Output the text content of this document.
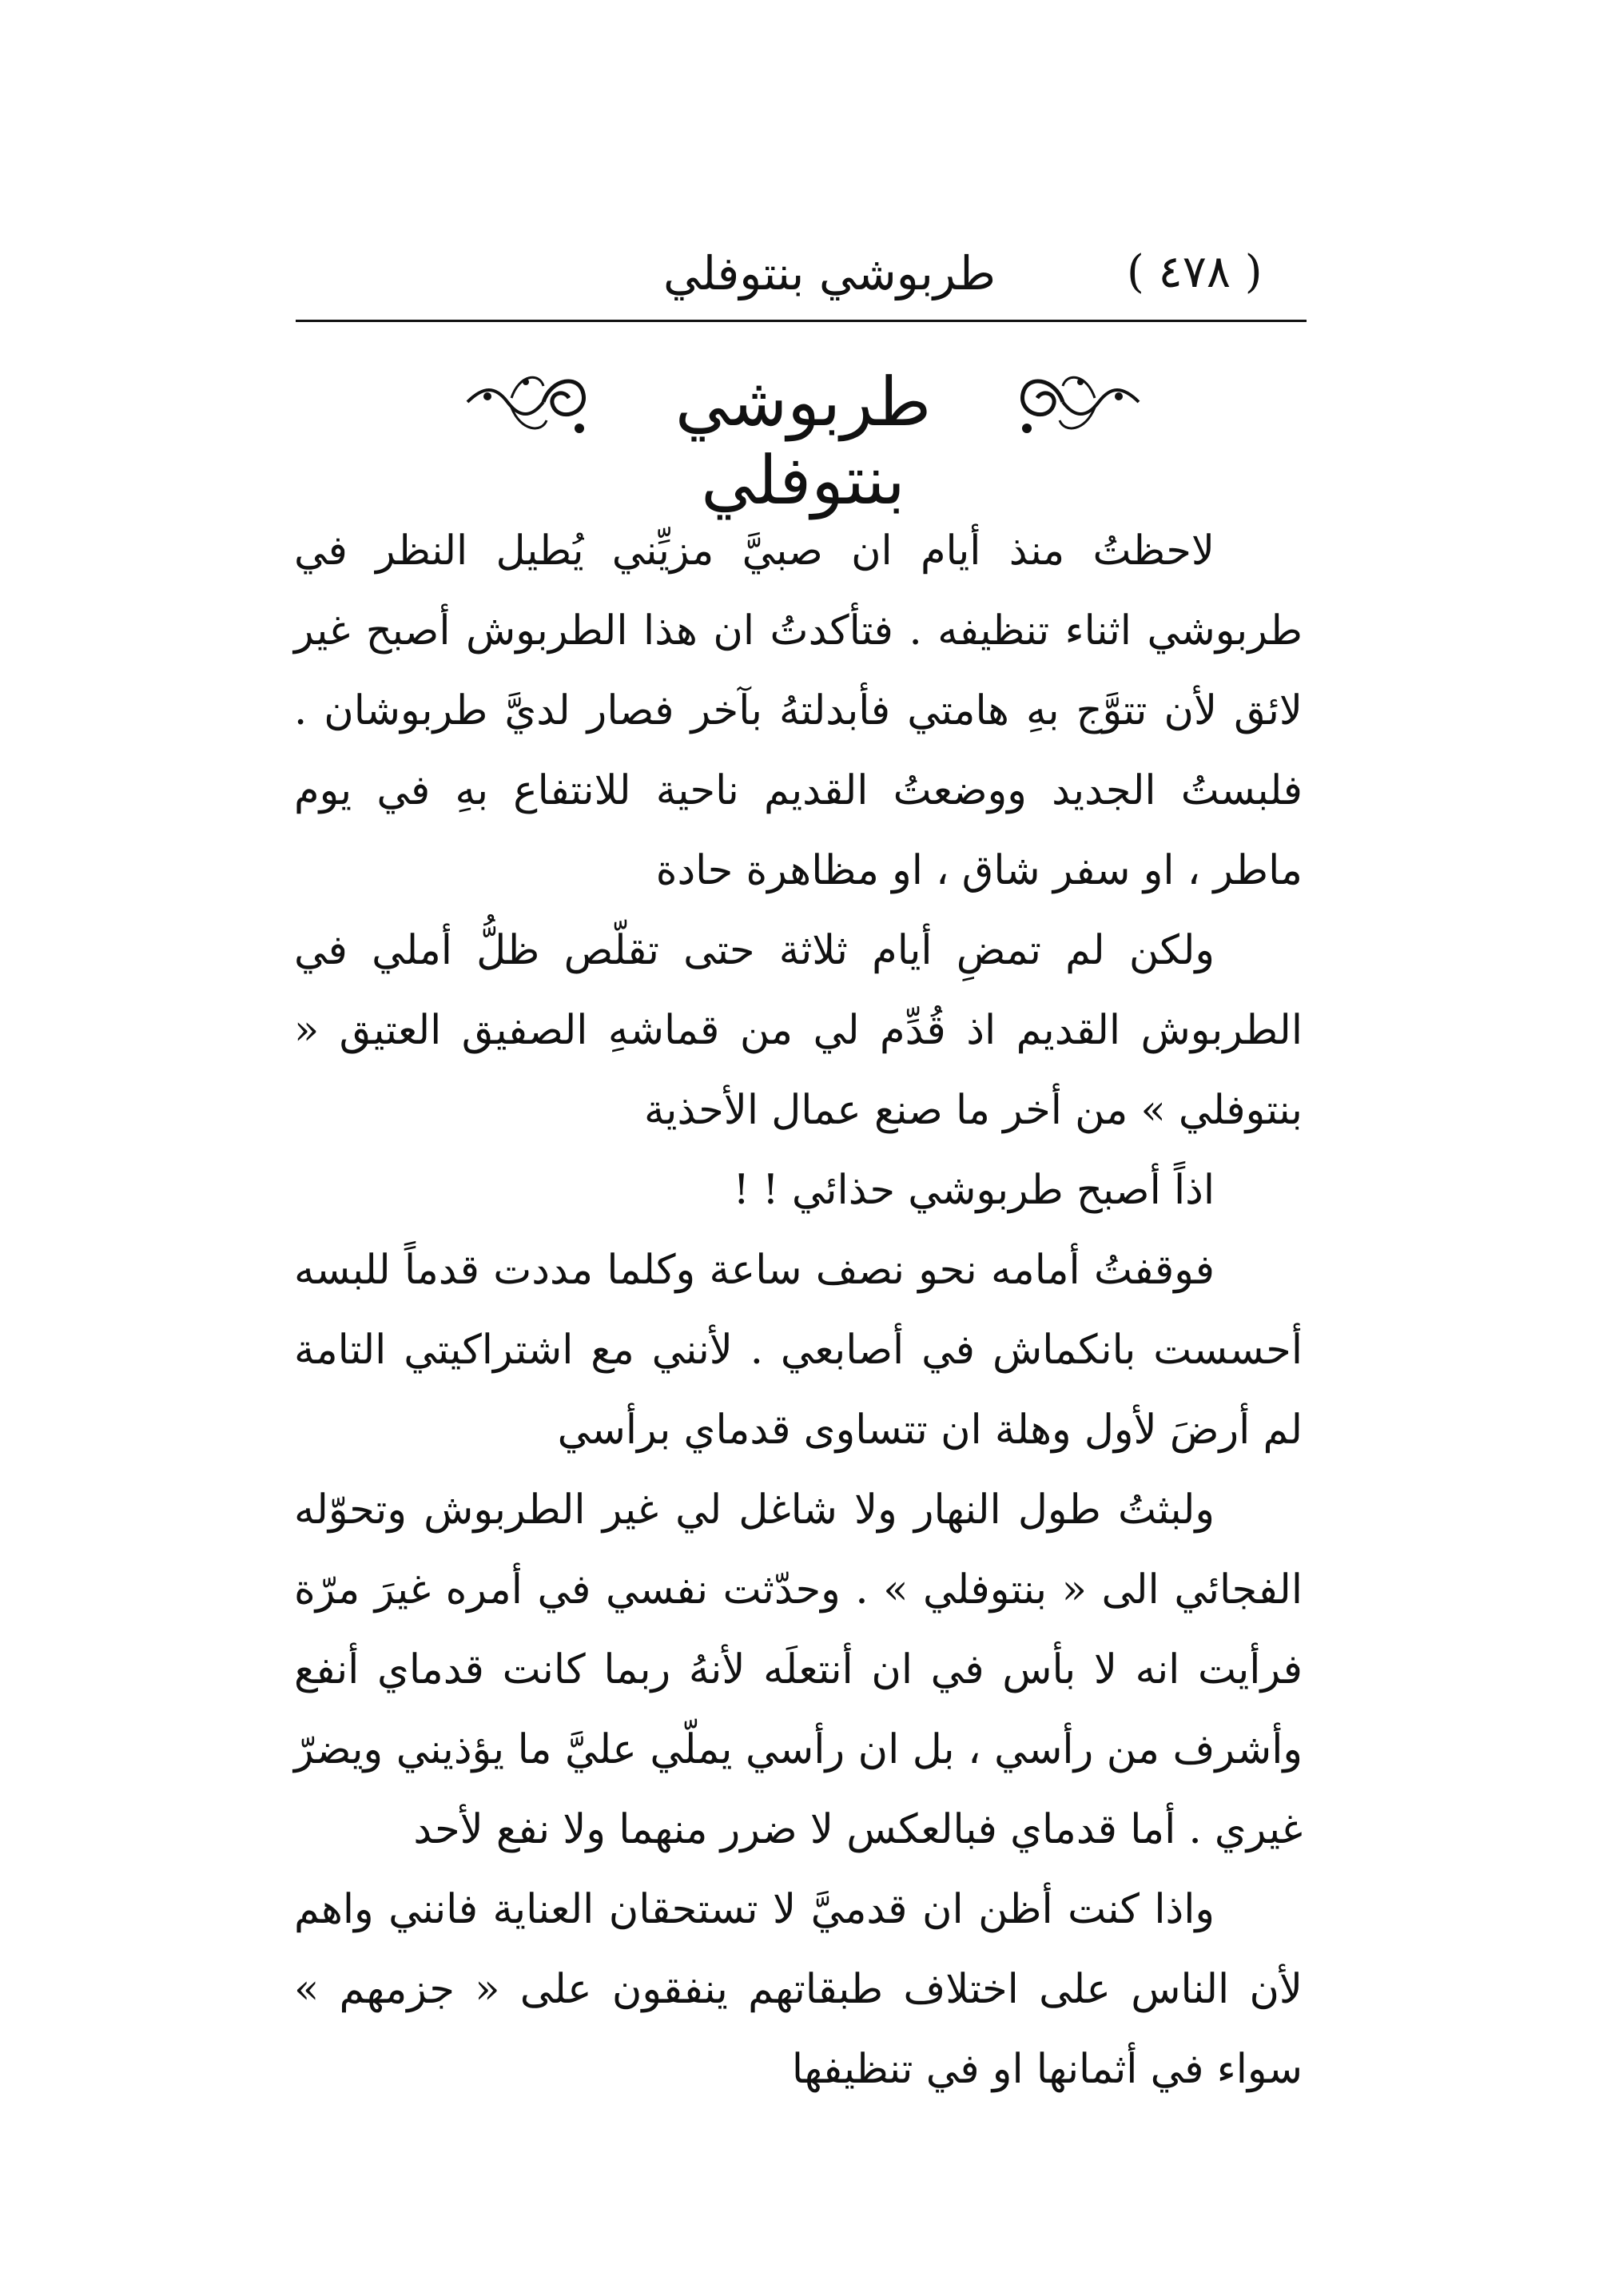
( ٤٧٨ )
طربوشي بنتوفلي
طربوشي بنتوفلي

لاحظتُ منذ أيام ان صبيَّ مزيِّني يُطيل النظر في طربوشي اثناء تنظيفه . فتأكدتُ ان هذا الطربوش أصبح غير لائق لأن تتوَّج بهِ هامتي فأبدلتهُ بآخر فصار لديَّ طربوشان . فلبستُ الجديد ووضعتُ القديم ناحية للانتفاع بهِ في يوم ماطر ، او سفر شاق ، او مظاهرة حادة

ولكن لم تمضِ أيام ثلاثة حتى تقلّص ظلُّ أملي في الطربوش القديم اذ قُدِّم لي من قماشهِ الصفيق العتيق « بنتوفلي » من أخر ما صنع عمال الأحذية

اذاً أصبح طربوشي حذائي ! !

فوقفتُ أمامه نحو نصف ساعة وكلما مددت قدماً للبسه أحسست بانكماش في أصابعي . لأنني مع اشتراكيتي التامة لم أرضَ لأول وهلة ان تتساوى قدماي برأسي

ولبثتُ طول النهار ولا شاغل لي غير الطربوش وتحوّله الفجائي الى « بنتوفلي » . وحدّثت نفسي في أمره غيرَ مرّة فرأيت انه لا بأس في ان أنتعلَه لأنهُ ربما كانت قدماي أنفع وأشرف من رأسي ، بل ان رأسي يملّي عليَّ ما يؤذيني ويضرّ غيري . أما قدماي فبالعكس لا ضرر منهما ولا نفع لأحد

واذا كنت أظن ان قدميَّ لا تستحقان العناية فانني واهم لأن الناس على اختلاف طبقاتهم ينفقون على « جزمهم » سواء في أثمانها او في تنظيفها
